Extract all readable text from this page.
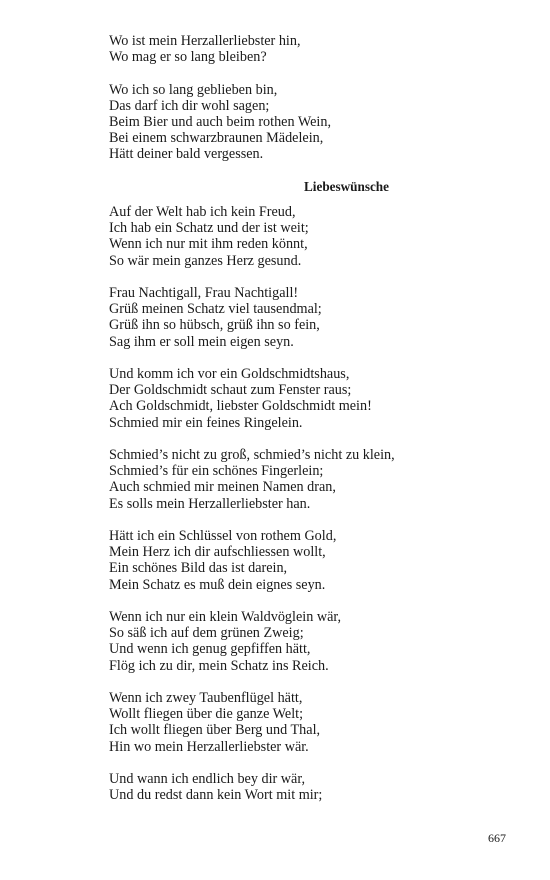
Wo ist mein Herzallerliebster hin,
Wo mag er so lang bleiben?
Wo ich so lang geblieben bin,
Das darf ich dir wohl sagen;
Beim Bier und auch beim rothen Wein,
Bei einem schwarzbraunen Mädelein,
Hätt deiner bald vergessen.
Liebeswünsche
Auf der Welt hab ich kein Freud,
Ich hab ein Schatz und der ist weit;
Wenn ich nur mit ihm reden könnt,
So wär mein ganzes Herz gesund.
Frau Nachtigall, Frau Nachtigall!
Grüß meinen Schatz viel tausendmal;
Grüß ihn so hübsch, grüß ihn so fein,
Sag ihm er soll mein eigen seyn.
Und komm ich vor ein Goldschmidtshaus,
Der Goldschmidt schaut zum Fenster raus;
Ach Goldschmidt, liebster Goldschmidt mein!
Schmied mir ein feines Ringelein.
Schmied’s nicht zu groß, schmied’s nicht zu klein,
Schmied’s für ein schönes Fingerlein;
Auch schmied mir meinen Namen dran,
Es solls mein Herzallerliebster han.
Hätt ich ein Schlüssel von rothem Gold,
Mein Herz ich dir aufschliessen wollt,
Ein schönes Bild das ist darein,
Mein Schatz es muß dein eignes seyn.
Wenn ich nur ein klein Waldvöglein wär,
So säß ich auf dem grünen Zweig;
Und wenn ich genug gepfiffen hätt,
Flög ich zu dir, mein Schatz ins Reich.
Wenn ich zwey Taubenflügel hätt,
Wollt fliegen über die ganze Welt;
Ich wollt fliegen über Berg und Thal,
Hin wo mein Herzallerliebster wär.
Und wann ich endlich bey dir wär,
Und du redst dann kein Wort mit mir;
667
